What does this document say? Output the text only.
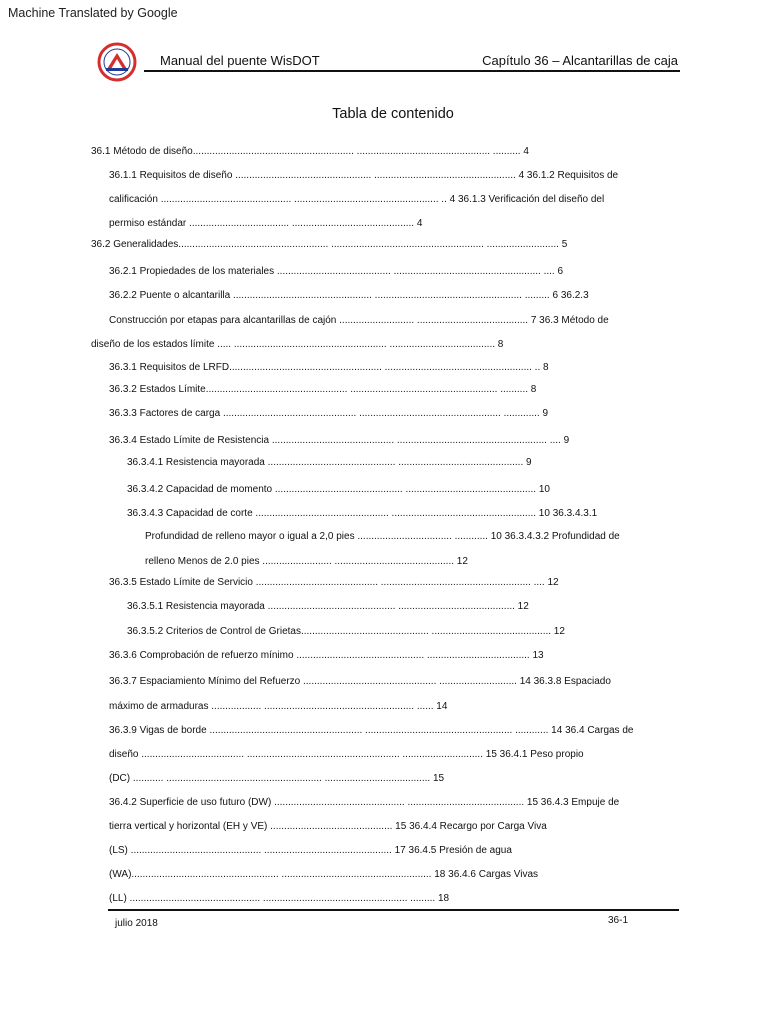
Machine Translated by Google
Manual del puente WisDOT	Capítulo 36 – Alcantarillas de caja
Tabla de contenido
36.1 Método de diseño.......................................................... ................................................ .......... 4
36.1.1 Requisitos de diseño ................................................. ................................................... 4 36.1.2 Requisitos de
calificación ............................................... .................................................... .. 4 36.1.3 Verificación del diseño del
permiso estándar .................................... ............................................ 4
36.2 Generalidades...................................................... ....................................................... .......................... 5
36.2.1 Propiedades de los materiales ......................................... ..................................................... .... 6
36.2.2 Puente o alcantarilla .................................................. ..................................................... ......... 6 36.2.3
Construcción por etapas para alcantarillas de cajón ........................... ........................................ 7 36.3 Método de
diseño de los estados límite ..... ....................................................... ...................................... 8
36.3.1 Requisitos de LRFD....................................................... ..................................................... .. 8
36.3.2 Estados Límite................................................... ..................................................... .......... 8
36.3.3 Factores de carga ................................................ ................................................... ............. 9
36.3.4 Estado Límite de Resistencia ............................................ ...................................................... .... 9
36.3.4.1 Resistencia mayorada .............................................. ............................................. 9
36.3.4.2 Capacidad de momento .............................................. ............................................... 10
36.3.4.3 Capacidad de corte ................................................ .................................................... 10 36.3.4.3.1
Profundidad de relleno mayor o igual a 2,0 pies .................................. ............ 10 36.3.4.3.2 Profundidad de
relleno Menos de 2.0 pies ......................... ........................................... 12
36.3.5 Estado Límite de Servicio ............................................ ...................................................... .... 12
36.3.5.1 Resistencia mayorada .............................................. .......................................... 12
36.3.5.2 Criterios de Control de Grietas.............................................. ........................................... 12
36.3.6 Comprobación de refuerzo mínimo .............................................. ..................................... 13
36.3.7 Espaciamiento Mínimo del Refuerzo ................................................ ............................ 14 36.3.8 Espaciado
máximo de armaduras .................. ...................................................... ...... 14
36.3.9 Vigas de borde ....................................................... ..................................................... ............ 14 36.4 Cargas de
diseño ..................................... ....................................................... ............................. 15 36.4.1 Peso propio
(DC) ........... ........................................................ ...................................... 15
36.4.2 Superficie de uso futuro (DW) ............................................... .......................................... 15 36.4.3 Empuje de
tierra vertical y horizontal (EH y VE) ............................................ 15 36.4.4 Recargo por Carga Viva
(LS) ............................................... .............................................. 17 36.4.5 Presión de agua
(WA)..................................................... ...................................................... 18 36.4.6 Cargas Vivas
(LL) ............................................... .................................................... ......... 18
julio 2018	36-1
